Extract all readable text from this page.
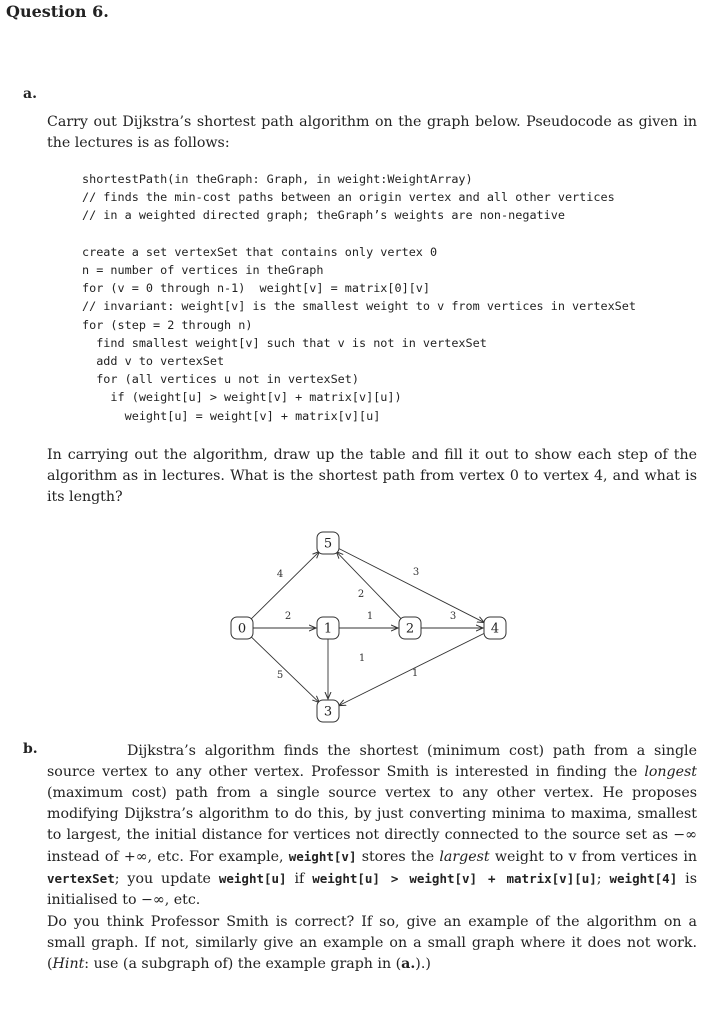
Question 6.
a.
Carry out Dijkstra’s shortest path algorithm on the graph below. Pseudocode as given in the lectures is as follows:
shortestPath(in theGraph: Graph, in weight:WeightArray)
// finds the min-cost paths between an origin vertex and all other vertices
// in a weighted directed graph; theGraph’s weights are non-negative

create a set vertexSet that contains only vertex 0
n = number of vertices in theGraph
for (v = 0 through n-1)  weight[v] = matrix[0][v]
// invariant: weight[v] is the smallest weight to v from vertices in vertexSet
for (step = 2 through n)
find smallest weight[v] such that v is not in vertexSet
add v to vertexSet
for (all vertices u not in vertexSet)
if (weight[u] > weight[v] + matrix[v][u])
weight[u] = weight[v] + matrix[v][u]
In carrying out the algorithm, draw up the table and fill it out to show each step of the algorithm as in lectures. What is the shortest path from vertex 0 to vertex 4, and what is its length?
4
2
5
3
2
1
1
3
1
0	1	2
3
4
5
b.	Dijkstra’s algorithm finds the shortest (minimum cost) path from a single source vertex to any other vertex. Professor Smith is interested in finding the longest (maximum cost) path from a single source vertex to any other vertex. He proposes modifying Dijkstra’s algorithm to do this, by just converting minima to maxima, smallest to largest, the initial distance for vertices not directly connected to the source set as −∞ instead of +∞, etc. For example, weight[v] stores the largest weight to v from vertices in vertexSet; you update weight[u] if weight[u] > weight[v] + matrix[v][u]; weight[4] is initialised to −∞, etc.
Do you think Professor Smith is correct? If so, give an example of the algorithm on a small graph. If not, similarly give an example on a small graph where it does not work. (Hint: use (a subgraph of) the example graph in (a.).)
